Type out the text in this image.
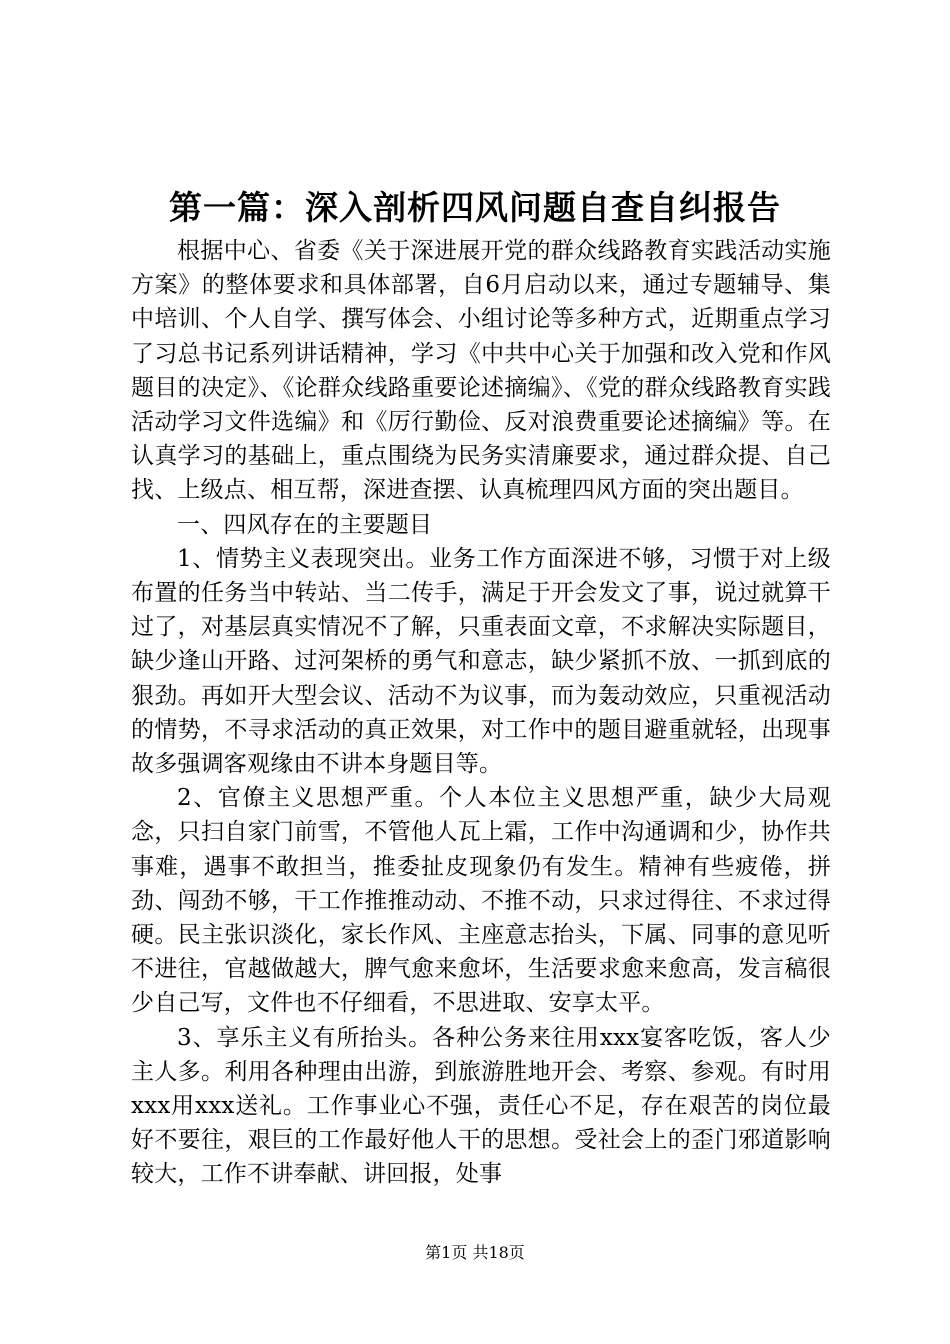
第一篇：深入剖析四风问题自查自纠报告

根据中心、省委《关于深进展开党的群众线路教育实践活动实施方案》的整体要求和具体部署，自6月启动以来，通过专题辅导、集中培训、个人自学、撰写体会、小组讨论等多种方式，近期重点学习了习总书记系列讲话精神，学习《中共中心关于加强和改入党和作风题目的决定》、《论群众线路重要论述摘编》、《党的群众线路教育实践活动学习文件选编》和《厉行勤俭、反对浪费重要论述摘编》等。在认真学习的基础上，重点围绕为民务实清廉要求，通过群众提、自己找、上级点、相互帮，深进查摆、认真梳理四风方面的突出题目。

一、四风存在的主要题目

1、情势主义表现突出。业务工作方面深进不够，习惯于对上级布置的任务当中转站、当二传手，满足于开会发文了事，说过就算干过了，对基层真实情况不了解，只重表面文章，不求解决实际题目，缺少逢山开路、过河架桥的勇气和意志，缺少紧抓不放、一抓到底的狠劲。再如开大型会议、活动不为议事，而为轰动效应，只重视活动的情势，不寻求活动的真正效果，对工作中的题目避重就轻，出现事故多强调客观缘由不讲本身题目等。

2、官僚主义思想严重。个人本位主义思想严重，缺少大局观念，只扫自家门前雪，不管他人瓦上霜，工作中沟通调和少，协作共事难，遇事不敢担当，推委扯皮现象仍有发生。精神有些疲倦，拼劲、闯劲不够，干工作推推动动、不推不动，只求过得往、不求过得硬。民主张识淡化，家长作风、主座意志抬头，下属、同事的意见听不进往，官越做越大，脾气愈来愈坏，生活要求愈来愈高，发言稿很少自己写，文件也不仔细看，不思进取、安享太平。

3、享乐主义有所抬头。各种公务来往用xxx宴客吃饭，客人少主人多。利用各种理由出游，到旅游胜地开会、考察、参观。有时用xxx用xxx送礼。工作事业心不强，责任心不足，存在艰苦的岗位最好不要往，艰巨的工作最好他人干的思想。受社会上的歪门邪道影响较大，工作不讲奉献、讲回报，处事

第1页 共18页
